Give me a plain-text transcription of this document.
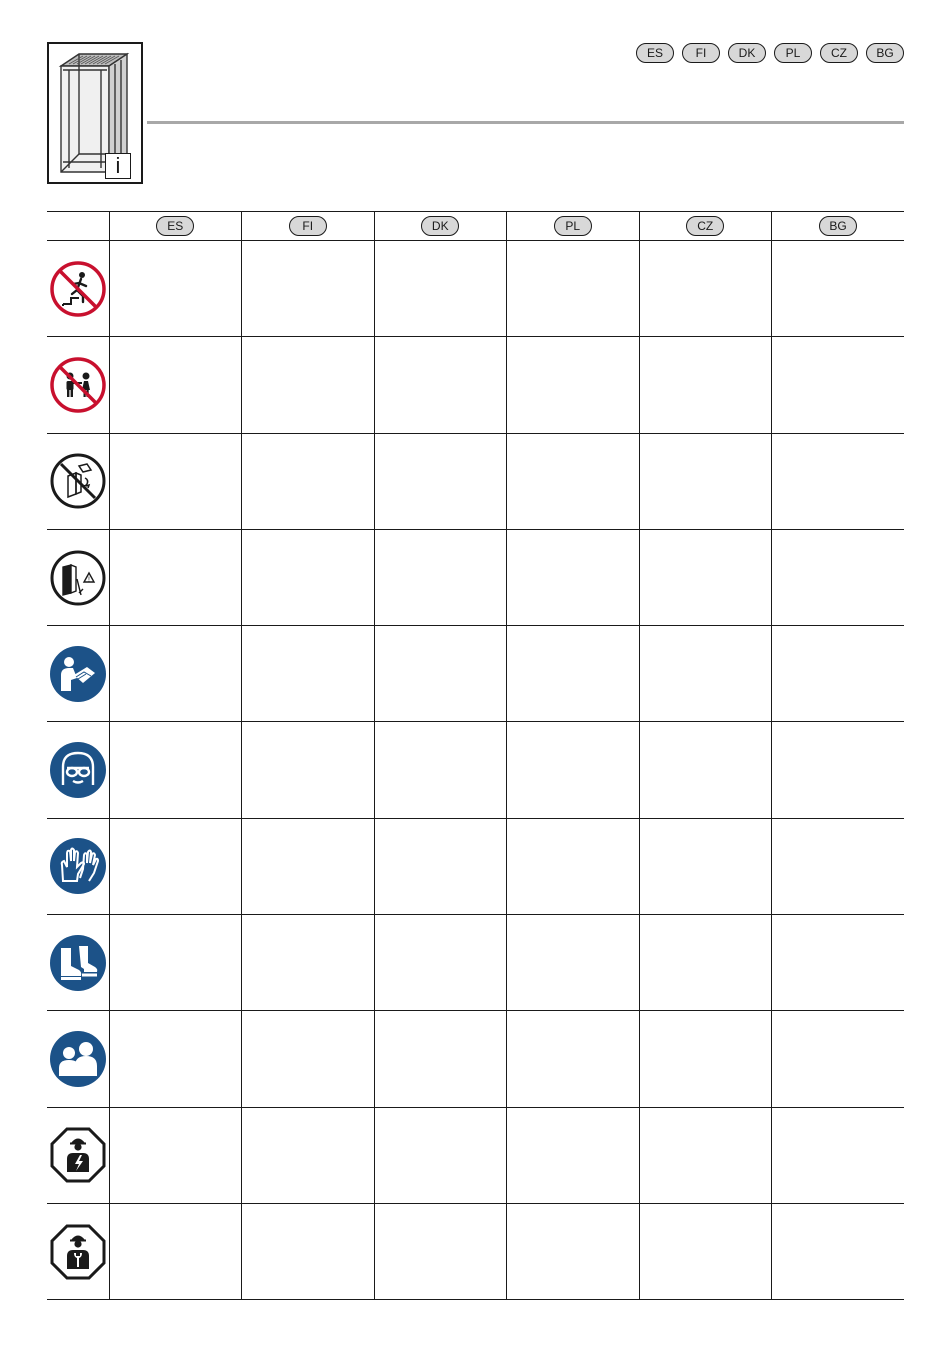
i
ES	FI	DK	PL	CZ	BG
	ES	FI	DK	PL	CZ	BG

!						
